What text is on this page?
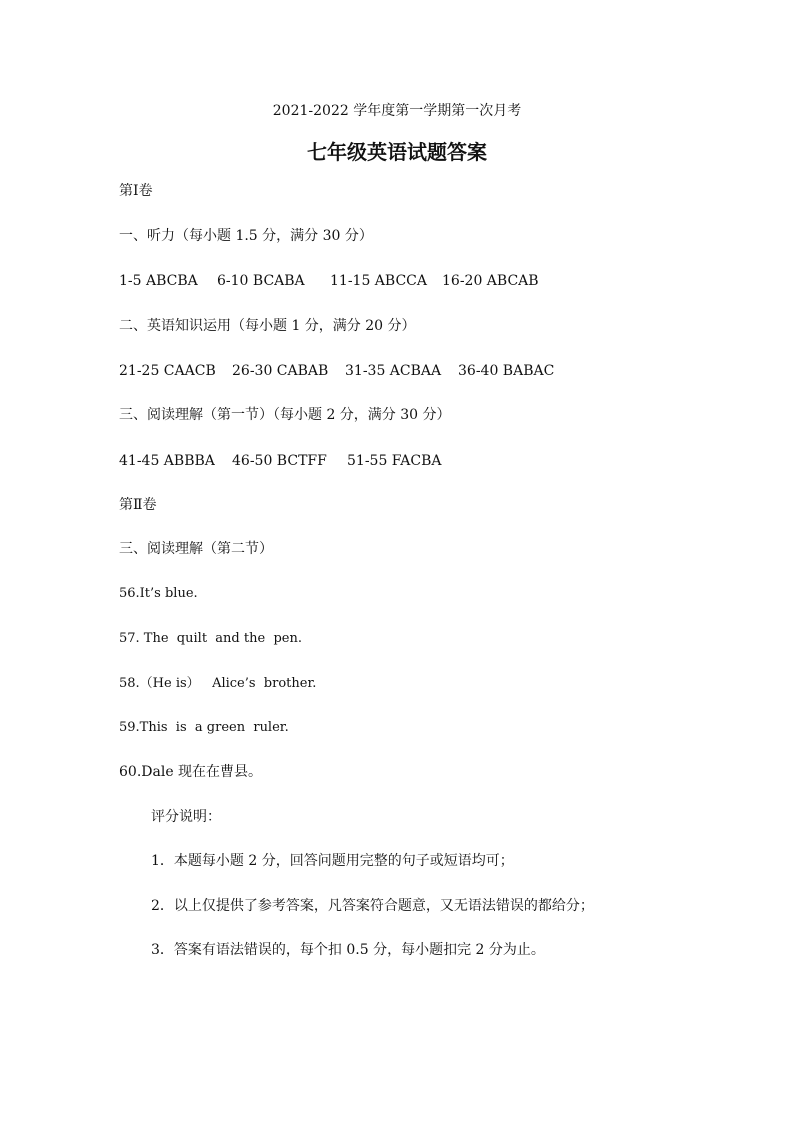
2021-2022 学年度第一学期第一次月考
七年级英语试题答案
第Ⅰ卷
一、听力（每小题 1.5 分，满分 30 分）
1-5 ABCBA 6-10 BCABA 11-15 ABCCA 16-20 ABCAB
二、英语知识运用（每小题 1 分，满分 20 分）
21-25 CAACB 26-30 CABAB 31-35 ACBAA 36-40 BABAC
三、阅读理解（第一节）（每小题 2 分，满分 30 分）
41-45 ABBBA 46-50 BCTFF 51-55 FACBA
第Ⅱ卷
三、阅读理解（第二节）
56.It’s blue.
57. The  quilt  and the  pen.
58.（He is）   Alice’s  brother.
59.This  is  a green  ruler.
60.Dale 现在在曹县。
评分说明：
1．本题每小题 2 分，回答问题用完整的句子或短语均可；
2．以上仅提供了参考答案，凡答案符合题意，又无语法错误的都给分；
3．答案有语法错误的，每个扣 0.5 分，每小题扣完 2 分为止。
